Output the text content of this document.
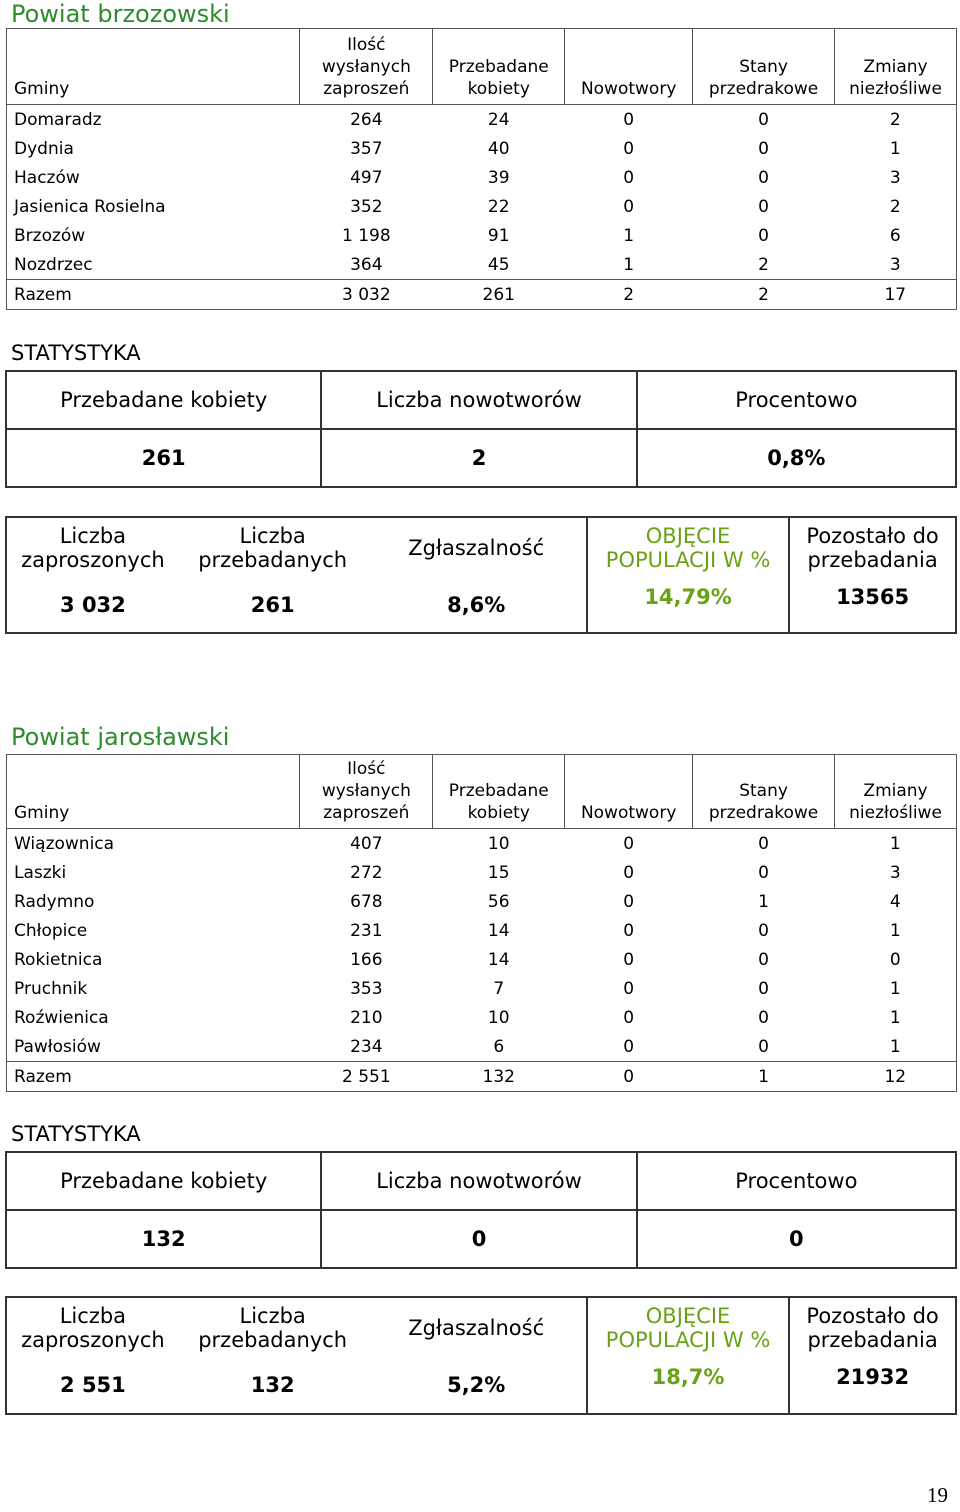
Powiat brzozowski
Gminy	Ilość wysłanych zaproszeń	Przebadane kobiety	Nowotwory	Stany przedrakowe	Zmiany niezłośliwe
Domaradz	264	24	0	0	2
Dydnia	357	40	0	0	1
Haczów	497	39	0	0	3
Jasienica Rosielna	352	22	0	0	2
Brzozów	1 198	91	1	0	6
Nozdrzec	364	45	1	2	3
Razem	3 032	261	2	2	17
STATYSTYKA
Przebadane kobiety	Liczba nowotworów	Procentowo
261	2	0,8%
Liczba zaproszonych	Liczba przebadanych	Zgłaszalność	OBJĘCIE POPULACJI W %	Pozostało do przebadania
3 032	261	8,6%	14,79%	13565
Powiat jarosławski
Gminy	Ilość wysłanych zaproszeń	Przebadane kobiety	Nowotwory	Stany przedrakowe	Zmiany niezłośliwe
Wiązownica	407	10	0	0	1
Laszki	272	15	0	0	3
Radymno	678	56	0	1	4
Chłopice	231	14	0	0	1
Rokietnica	166	14	0	0	0
Pruchnik	353	7	0	0	1
Roźwienica	210	10	0	0	1
Pawłosiów	234	6	0	0	1
Razem	2 551	132	0	1	12
STATYSTYKA
Przebadane kobiety	Liczba nowotworów	Procentowo
132	0	0
Liczba zaproszonych	Liczba przebadanych	Zgłaszalność	OBJĘCIE POPULACJI W %	Pozostało do przebadania
2 551	132	5,2%	18,7%	21932
19
